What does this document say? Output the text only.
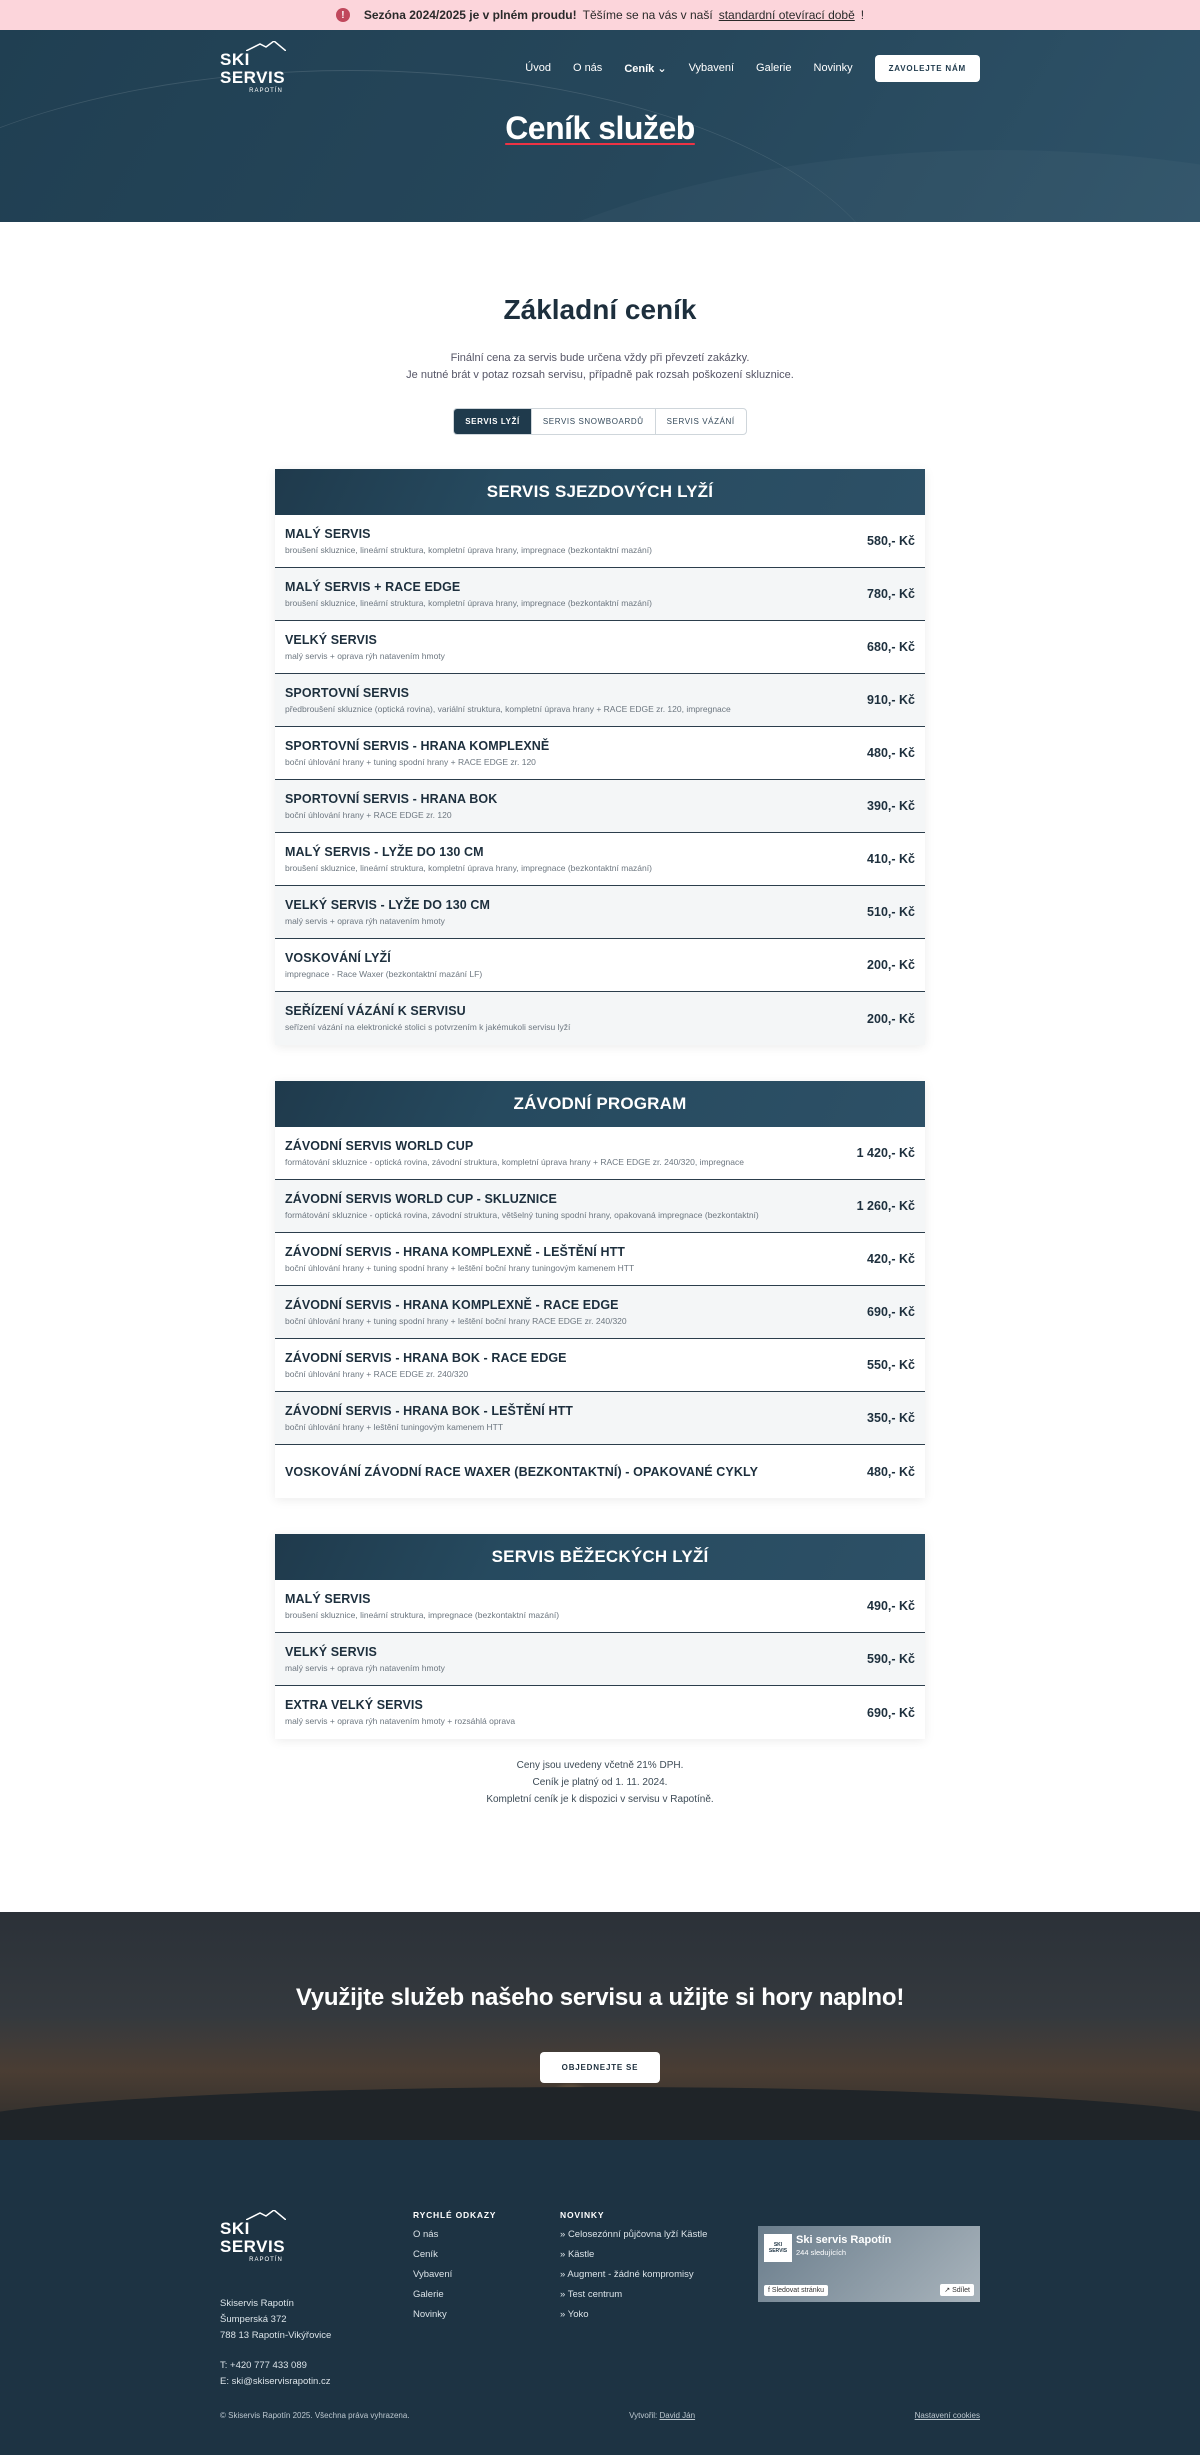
!	Sezóna 2024/2025 je v plném proudu! Těšíme se na vás v naší standardní otevírací době !
SKI SERVIS
RAPOTÍN
Úvod O nás Ceník ⌄ Vybavení Galerie Novinky	ZAVOLEJTE NÁM
Ceník služeb
Základní ceník

Finální cena za servis bude určena vždy při převzetí zakázky.

Je nutné brát v potaz rozsah servisu, případně pak rozsah poškození skluznice.

SERVIS LYŽÍ	SERVIS SNOWBOARDŮ	SERVIS VÁZÁNÍ
SERVIS SJEZDOVÝCH LYŽÍ
MALÝ SERVIS
broušení skluznice, lineární struktura, kompletní úprava hrany, impregnace (bezkontaktní mazání)
580,- Kč
MALÝ SERVIS + RACE EDGE
broušení skluznice, lineární struktura, kompletní úprava hrany, impregnace (bezkontaktní mazání)
780,- Kč
VELKÝ SERVIS
malý servis + oprava rýh natavením hmoty
680,- Kč
SPORTOVNÍ SERVIS
předbroušení skluznice (optická rovina), variální struktura, kompletní úprava hrany + RACE EDGE zr. 120, impregnace
910,- Kč
SPORTOVNÍ SERVIS - HRANA KOMPLEXNĚ
boční úhlování hrany + tuning spodní hrany + RACE EDGE zr. 120
480,- Kč
SPORTOVNÍ SERVIS - HRANA BOK
boční úhlování hrany + RACE EDGE zr. 120
390,- Kč
MALÝ SERVIS - LYŽE DO 130 CM
broušení skluznice, lineární struktura, kompletní úprava hrany, impregnace (bezkontaktní mazání)
410,- Kč
VELKÝ SERVIS - LYŽE DO 130 CM
malý servis + oprava rýh natavením hmoty
510,- Kč
VOSKOVÁNÍ LYŽÍ
impregnace - Race Waxer (bezkontaktní mazání LF)
200,- Kč
SEŘÍZENÍ VÁZÁNÍ K SERVISU
seřízení vázání na elektronické stolici s potvrzením k jakémukoli servisu lyží
200,- Kč
ZÁVODNÍ PROGRAM
ZÁVODNÍ SERVIS WORLD CUP
formátování skluznice - optická rovina, závodní struktura, kompletní úprava hrany + RACE EDGE zr. 240/320, impregnace
1 420,- Kč
ZÁVODNÍ SERVIS WORLD CUP - SKLUZNICE
formátování skluznice - optická rovina, závodní struktura, většelný tuning spodní hrany, opakovaná impregnace (bezkontaktní)
1 260,- Kč
ZÁVODNÍ SERVIS - HRANA KOMPLEXNĚ - LEŠTĚNÍ HTT
boční úhlování hrany + tuning spodní hrany + leštění boční hrany tuningovým kamenem HTT
420,- Kč
ZÁVODNÍ SERVIS - HRANA KOMPLEXNĚ - RACE EDGE
boční úhlování hrany + tuning spodní hrany + leštění boční hrany RACE EDGE zr. 240/320
690,- Kč
ZÁVODNÍ SERVIS - HRANA BOK - RACE EDGE
boční úhlování hrany + RACE EDGE zr. 240/320
550,- Kč
ZÁVODNÍ SERVIS - HRANA BOK - LEŠTĚNÍ HTT
boční úhlování hrany + leštění tuningovým kamenem HTT
350,- Kč
VOSKOVÁNÍ ZÁVODNÍ RACE WAXER (BEZKONTAKTNÍ) - OPAKOVANÉ CYKLY	480,- Kč
SERVIS BĚŽECKÝCH LYŽÍ
MALÝ SERVIS
broušení skluznice, lineární struktura, impregnace (bezkontaktní mazání)
490,- Kč
VELKÝ SERVIS
malý servis + oprava rýh natavením hmoty
590,- Kč
EXTRA VELKÝ SERVIS
malý servis + oprava rýh natavením hmoty + rozsáhlá oprava
690,- Kč
Ceny jsou uvedeny včetně 21% DPH.
Ceník je platný od 1. 11. 2024.
Kompletní ceník je k dispozici v servisu v Rapotíně.
Využijte služeb našeho servisu a užijte si hory naplno!

OBJEDNEJTE SE
SKI SERVIS
RAPOTÍN
Skiservis Rapotín
Šumperská 372
788 13 Rapotín-Vikýřovice
T: +420 777 433 089
E: ski@skiservisrapotin.cz
RYCHLÉ ODKAZY
O nás
Ceník
Vybavení
Galerie
Novinky
NOVINKY
» Celosezónní půjčovna lyží Kästle
» Kästle
» Augment - žádné kompromisy
» Test centrum
» Yoko
SKI
SERVIS
Ski servis Rapotín
244 sledujících
f Sledovat stránku	↗ Sdílet
© Skiservis Rapotín 2025. Všechna práva vyhrazena.	Vytvořil: David Ján	Nastavení cookies
